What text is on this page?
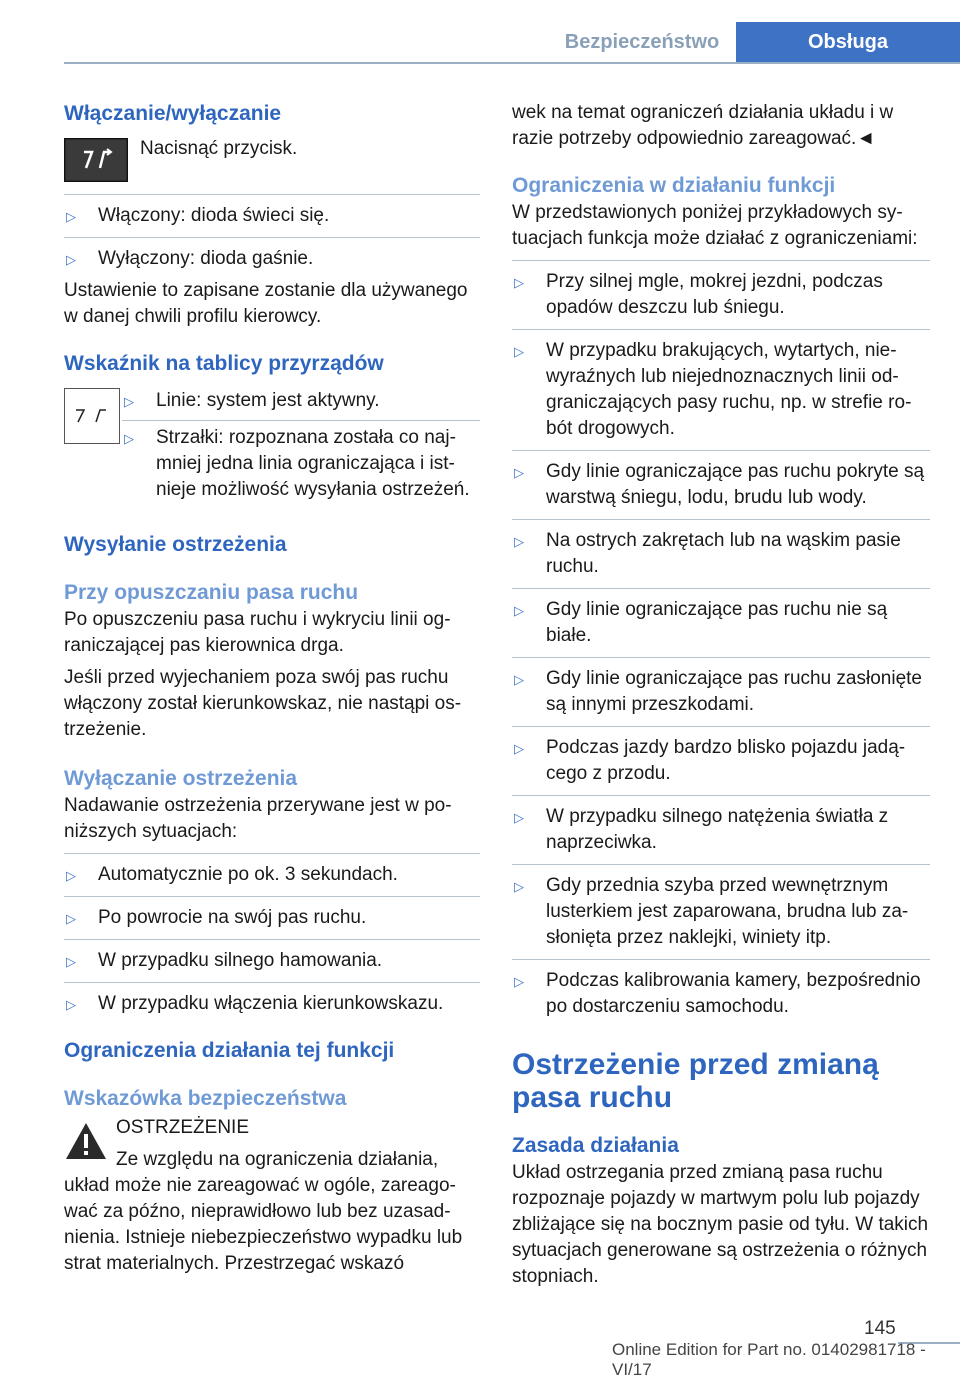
Bezpieczeństwo	Obsługa

Włączanie/wyłączanie

Nacisnąć przycisk.

▷ Włączony: dioda świeci się.
▷ Wyłączony: dioda gaśnie.

Ustawienie to zapisane zostanie dla używanego w danej chwili profilu kierowcy.

Wskaźnik na tablicy przyrządów

▷ Linie: system jest aktywny.
▷ Strzałki: rozpoznana została co najmniej jedna linia ograniczająca i istnieje możliwość wysyłania ostrzeżeń.

Wysyłanie ostrzeżenia

Przy opuszczaniu pasa ruchu

Po opuszczeniu pasa ruchu i wykryciu linii ograniczającej pas kierownica drga.

Jeśli przed wyjechaniem poza swój pas ruchu włączony został kierunkowskaz, nie nastąpi ostrzeżenie.

Wyłączanie ostrzeżenia

Nadawanie ostrzeżenia przerywane jest w poniższych sytuacjach:

▷ Automatycznie po ok. 3 sekundach.
▷ Po powrocie na swój pas ruchu.
▷ W przypadku silnego hamowania.
▷ W przypadku włączenia kierunkowskazu.

Ograniczenia działania tej funkcji

Wskazówka bezpieczeństwa

OSTRZEŻENIE

Ze względu na ograniczenia działania, układ może nie zareagować w ogóle, zareagować za późno, nieprawidłowo lub bez uzasadnienia. Istnieje niebezpieczeństwo wypadku lub strat materialnych. Przestrzegać wskazó

wek na temat ograniczeń działania układu i w razie potrzeby odpowiednio zareagować.◄

Ograniczenia w działaniu funkcji

W przedstawionych poniżej przykładowych sytuacjach funkcja może działać z ograniczeniami:

▷ Przy silnej mgle, mokrej jezdni, podczas opadów deszczu lub śniegu.
▷ W przypadku brakujących, wytartych, niewyraźnych lub niejednoznacznych linii odgraniczających pasy ruchu, np. w strefie robót drogowych.
▷ Gdy linie ograniczające pas ruchu pokryte są warstwą śniegu, lodu, brudu lub wody.
▷ Na ostrych zakrętach lub na wąskim pasie ruchu.
▷ Gdy linie ograniczające pas ruchu nie są białe.
▷ Gdy linie ograniczające pas ruchu zasłonięte są innymi przeszkodami.
▷ Podczas jazdy bardzo blisko pojazdu jadącego z przodu.
▷ W przypadku silnego natężenia światła z naprzeciwka.
▷ Gdy przednia szyba przed wewnętrznym lusterkiem jest zaparowana, brudna lub zasłonięta przez naklejki, winiety itp.
▷ Podczas kalibrowania kamery, bezpośrednio po dostarczeniu samochodu.

Ostrzeżenie przed zmianą pasa ruchu

Zasada działania

Układ ostrzegania przed zmianą pasa ruchu rozpoznaje pojazdy w martwym polu lub pojazdy zbliżające się na bocznym pasie od tyłu. W takich sytuacjach generowane są ostrzeżenia o różnych stopniach.

145
Online Edition for Part no. 01402981718 - VI/17
